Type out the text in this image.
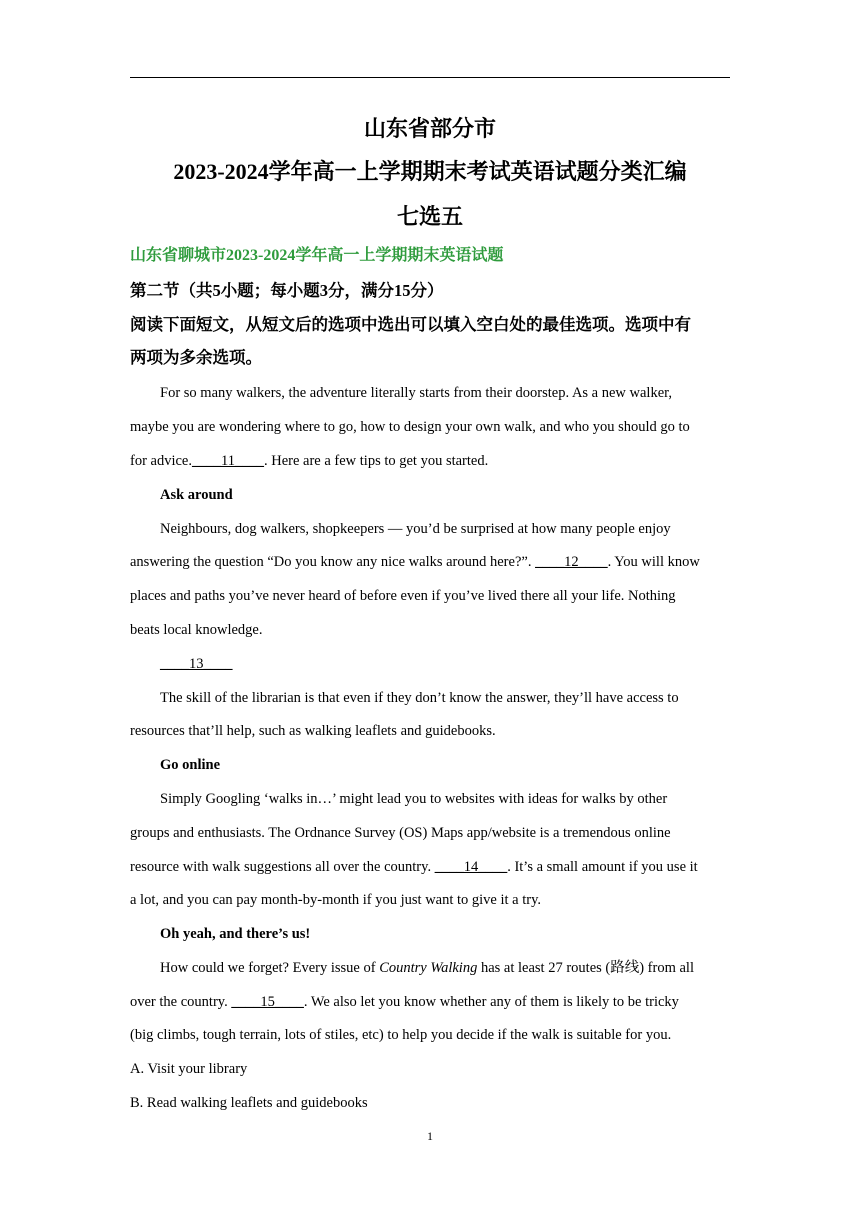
山东省部分市
2023-2024学年高一上学期期末考试英语试题分类汇编
七选五
山东省聊城市2023-2024学年高一上学期期末英语试题
第二节（共5小题；每小题3分，满分15分）
阅读下面短文，从短文后的选项中选出可以填入空白处的最佳选项。选项中有
两项为多余选项。
For so many walkers, the adventure literally starts from their doorstep. As a new walker,
maybe you are wondering where to go, how to design your own walk, and who you should go to
for advice.____11____. Here are a few tips to get you started.
Ask around
Neighbours, dog walkers, shopkeepers — you’d be surprised at how many people enjoy
answering the question “Do you know any nice walks around here?”. ____12____. You will know
places and paths you’ve never heard of before even if you’ve lived there all your life. Nothing
beats local knowledge.
____13____
The skill of the librarian is that even if they don’t know the answer, they’ll have access to
resources that’ll help, such as walking leaflets and guidebooks.
Go online
Simply Googling ‘walks in…’ might lead you to websites with ideas for walks by other
groups and enthusiasts. The Ordnance Survey (OS) Maps app/website is a tremendous online
resource with walk suggestions all over the country. ____14____. It’s a small amount if you use it
a lot, and you can pay month-by-month if you just want to give it a try.
Oh yeah, and there’s us!
How could we forget? Every issue of Country Walking has at least 27 routes (路线) from all
over the country. ____15____. We also let you know whether any of them is likely to be tricky
(big climbs, tough terrain, lots of stiles, etc) to help you decide if the walk is suitable for you.
A. Visit your library
B. Read walking leaflets and guidebooks
1
